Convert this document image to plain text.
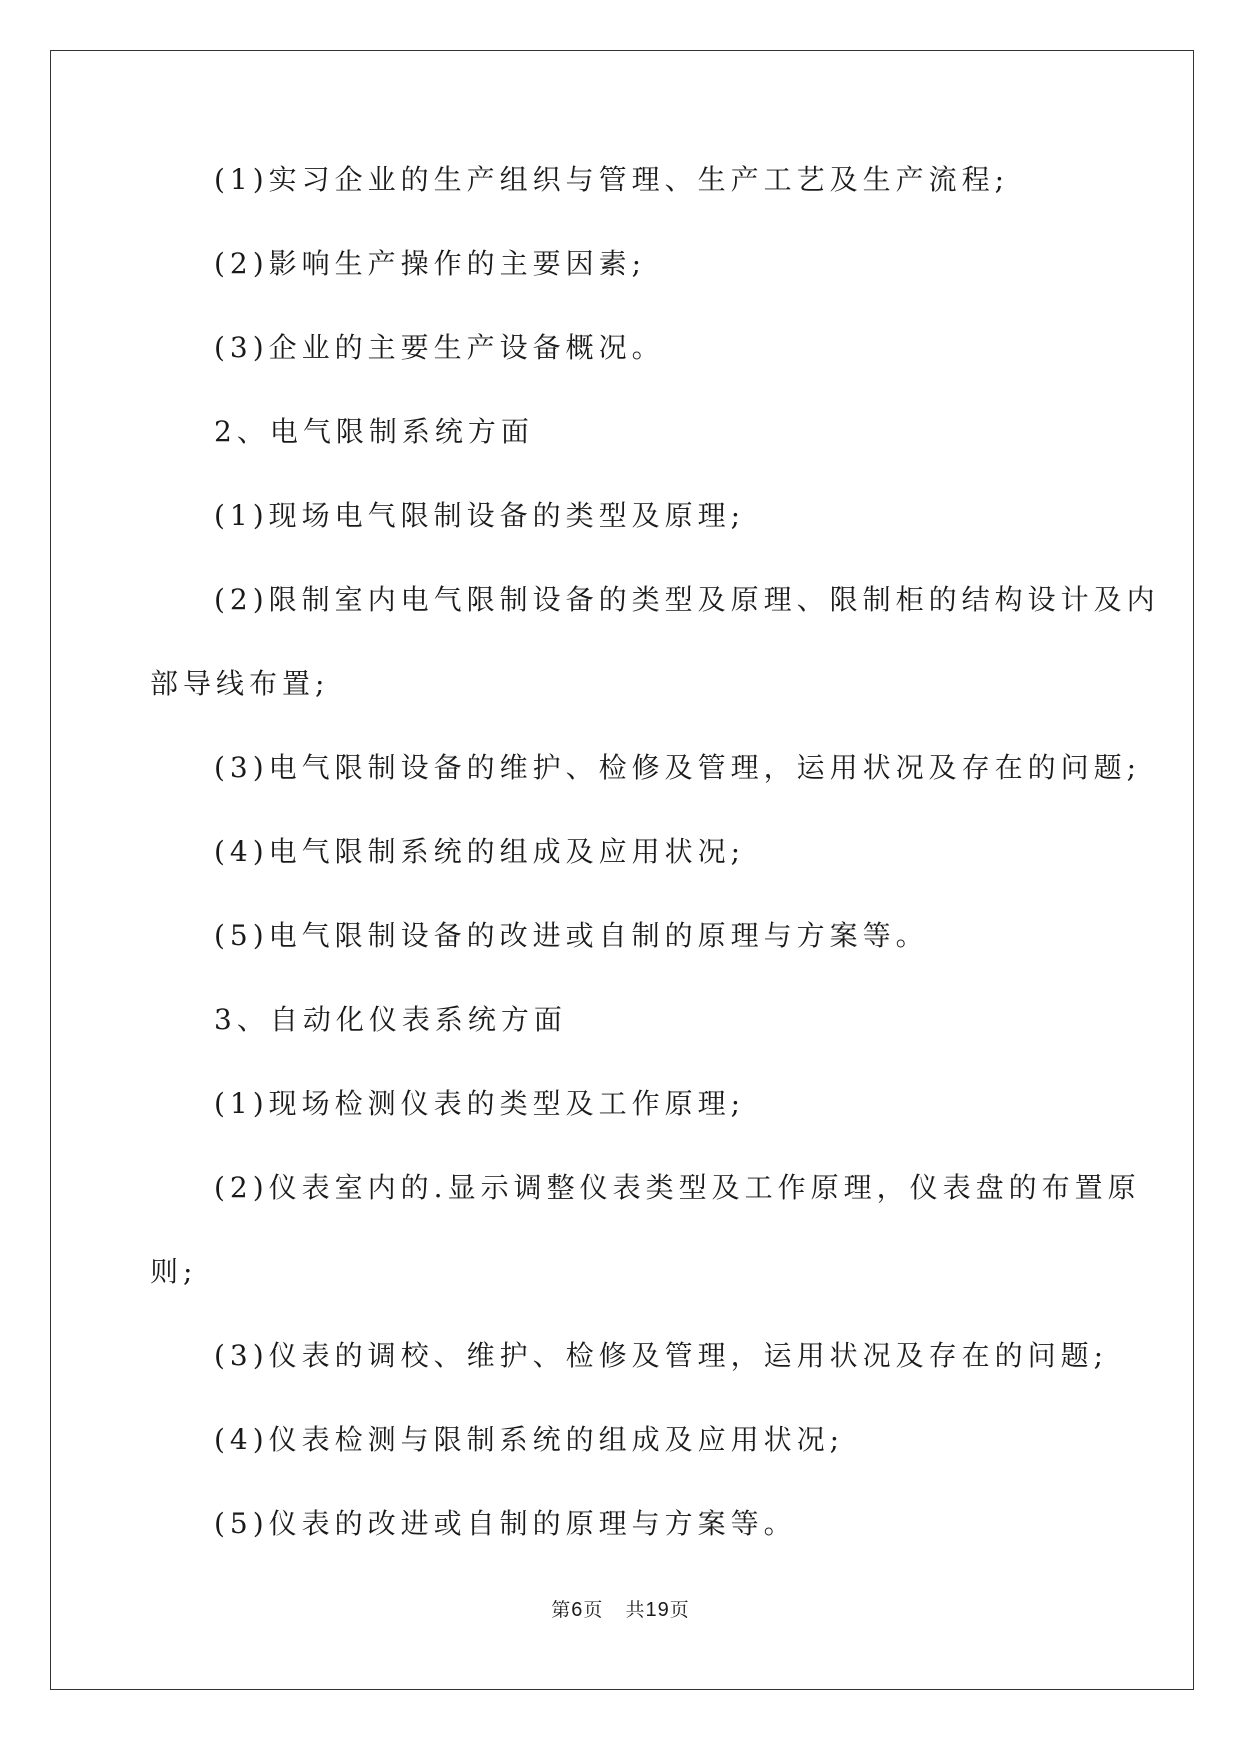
(1)实习企业的生产组织与管理、生产工艺及生产流程;
(2)影响生产操作的主要因素;
(3)企业的主要生产设备概况。
2、电气限制系统方面
(1)现场电气限制设备的类型及原理;
(2)限制室内电气限制设备的类型及原理、限制柜的结构设计及内
部导线布置;
(3)电气限制设备的维护、检修及管理，运用状况及存在的问题;
(4)电气限制系统的组成及应用状况;
(5)电气限制设备的改进或自制的原理与方案等。
3、自动化仪表系统方面
(1)现场检测仪表的类型及工作原理;
(2)仪表室内的.显示调整仪表类型及工作原理，仪表盘的布置原
则;
(3)仪表的调校、维护、检修及管理，运用状况及存在的问题;
(4)仪表检测与限制系统的组成及应用状况;
(5)仪表的改进或自制的原理与方案等。
第6页 共19页
